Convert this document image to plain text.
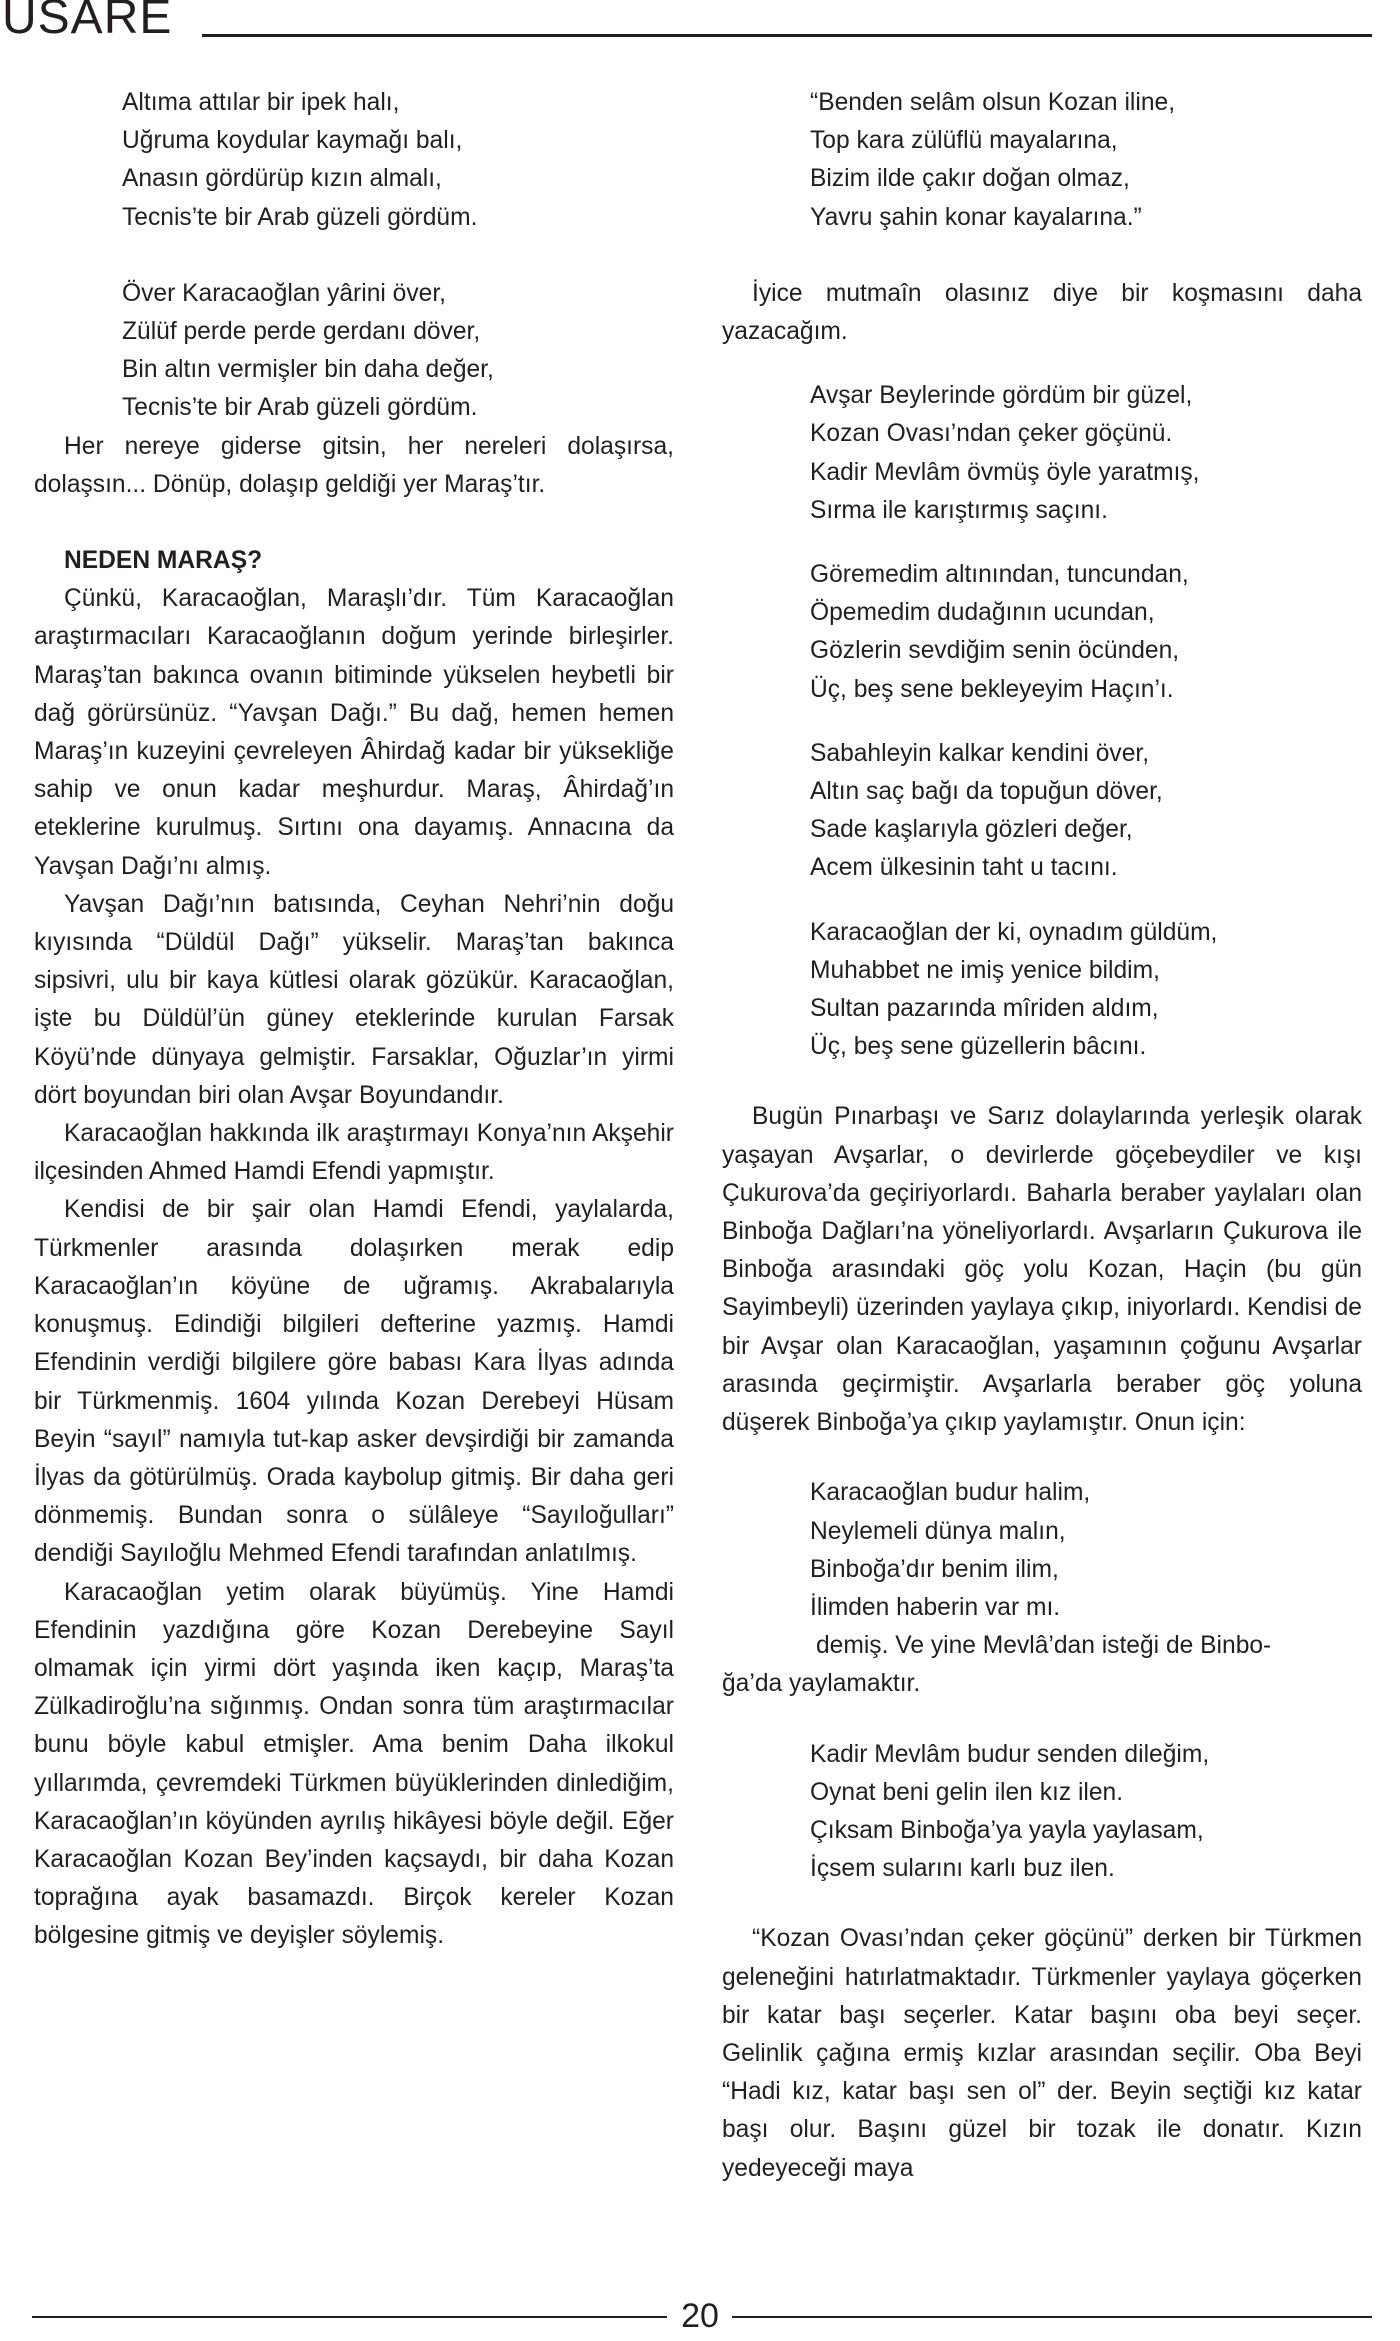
USARE
Altıma attılar bir ipek halı,
Uğruma koydular kaymağı balı,
Anasın gördürüp kızın almalı,
Tecnis’te bir Arab güzeli gördüm.
Över Karacaoğlan yârini över,
Zülüf perde perde gerdanı döver,
Bin altın vermişler bin daha değer,
Tecnis’te bir Arab güzeli gördüm.

Her nereye giderse gitsin, her nereleri dolaşırsa, dolaşsın... Dönüp, dolaşıp geldiği yer Maraş’tır.

NEDEN MARAŞ?

Çünkü, Karacaoğlan, Maraşlı’dır. Tüm Karacaoğlan araştırmacıları Karacaoğlanın doğum yerinde birleşirler. Maraş’tan bakınca ovanın bitiminde yükselen heybetli bir dağ görürsünüz. “Yavşan Dağı.” Bu dağ, hemen hemen Maraş’ın kuzeyini çevreleyen Âhirdağ kadar bir yüksekliğe sahip ve onun kadar meşhurdur. Maraş, Âhirdağ’ın eteklerine kurulmuş. Sırtını ona dayamış. Annacına da Yavşan Dağı’nı almış.

Yavşan Dağı’nın batısında, Ceyhan Nehri’nin doğu kıyısında “Düldül Dağı” yükselir. Maraş’tan bakınca sipsivri, ulu bir kaya kütlesi olarak gözükür. Karacaoğlan, işte bu Düldül’ün güney eteklerinde kurulan Farsak Köyü’nde dünyaya gelmiştir. Farsaklar, Oğuzlar’ın yirmi dört boyundan biri olan Avşar Boyundandır.

Karacaoğlan hakkında ilk araştırmayı Konya’nın Akşehir ilçesinden Ahmed Hamdi Efendi yapmıştır.

Kendisi de bir şair olan Hamdi Efendi, yaylalarda, Türkmenler arasında dolaşırken merak edip Karacaoğlan’ın köyüne de uğramış. Akrabalarıyla konuşmuş. Edindiği bilgileri defterine yazmış. Hamdi Efendinin verdiği bilgilere göre babası Kara İlyas adında bir Türkmenmiş. 1604 yılında Kozan Derebeyi Hüsam Beyin “sayıl” namıyla tut-kap asker devşirdiği bir zamanda İlyas da götürülmüş. Orada kaybolup gitmiş. Bir daha geri dönmemiş. Bundan sonra o sülâleye “Sayıloğulları” dendiği Sayıloğlu Mehmed Efendi tarafından anlatılmış.

Karacaoğlan yetim olarak büyümüş. Yine Hamdi Efendinin yazdığına göre Kozan Derebeyine Sayıl olmamak için yirmi dört yaşında iken kaçıp, Maraş’ta Zülkadiroğlu’na sığınmış. Ondan sonra tüm araştırmacılar bunu böyle kabul etmişler. Ama benim Daha ilkokul yıllarımda, çevremdeki Türkmen büyüklerinden dinlediğim, Karacaoğlan’ın köyünden ayrılış hikâyesi böyle değil. Eğer Karacaoğlan Kozan Bey’inden kaçsaydı, bir daha Kozan toprağına ayak basamazdı. Birçok kereler Kozan bölgesine gitmiş ve deyişler söylemiş.

“Benden selâm olsun Kozan iline,
Top kara zülüflü mayalarına,
Bizim ilde çakır doğan olmaz,
Yavru şahin konar kayalarına.”

İyice mutmaîn olasınız diye bir koşmasını daha yazacağım.

Avşar Beylerinde gördüm bir güzel,
Kozan Ovası’ndan çeker göçünü.
Kadir Mevlâm övmüş öyle yaratmış,
Sırma ile karıştırmış saçını.
Göremedim altınından, tuncundan,
Öpemedim dudağının ucundan,
Gözlerin sevdiğim senin öcünden,
Üç, beş sene bekleyeyim Haçın’ı.
Sabahleyin kalkar kendini över,
Altın saç bağı da topuğun döver,
Sade kaşlarıyla gözleri değer,
Acem ülkesinin taht u tacını.
Karacaoğlan der ki, oynadım güldüm,
Muhabbet ne imiş yenice bildim,
Sultan pazarında mîriden aldım,
Üç, beş sene güzellerin bâcını.

Bugün Pınarbaşı ve Sarız dolaylarında yerleşik olarak yaşayan Avşarlar, o devirlerde göçebeydiler ve kışı Çukurova’da geçiriyorlardı. Baharla beraber yaylaları olan Binboğa Dağları’na yöneliyorlardı. Avşarların Çukurova ile Binboğa arasındaki göç yolu Kozan, Haçin (bu gün Sayimbeyli) üzerinden yaylaya çıkıp, iniyorlardı. Kendisi de bir Avşar olan Karacaoğlan, yaşamının çoğunu Avşarlar arasında geçirmiştir. Avşarlarla beraber göç yoluna düşerek Binboğa’ya çıkıp yaylamıştır. Onun için:

Karacaoğlan budur halim,
Neylemeli dünya malın,
Binboğa’dır benim ilim,
İlimden haberin var mı.
demiş. Ve yine Mevlâ’dan isteği de Binbo-

ğa’da yaylamaktır.

Kadir Mevlâm budur senden dileğim,
Oynat beni gelin ilen kız ilen.
Çıksam Binboğa’ya yayla yaylasam,
İçsem sularını karlı buz ilen.

“Kozan Ovası’ndan çeker göçünü” derken bir Türkmen geleneğini hatırlatmaktadır. Türkmenler yaylaya göçerken bir katar başı seçerler. Katar başını oba beyi seçer. Gelinlik çağına ermiş kızlar arasından seçilir. Oba Beyi “Hadi kız, katar başı sen ol” der. Beyin seçtiği kız katar başı olur. Başını güzel bir tozak ile donatır. Kızın yedeyeceği maya

20
